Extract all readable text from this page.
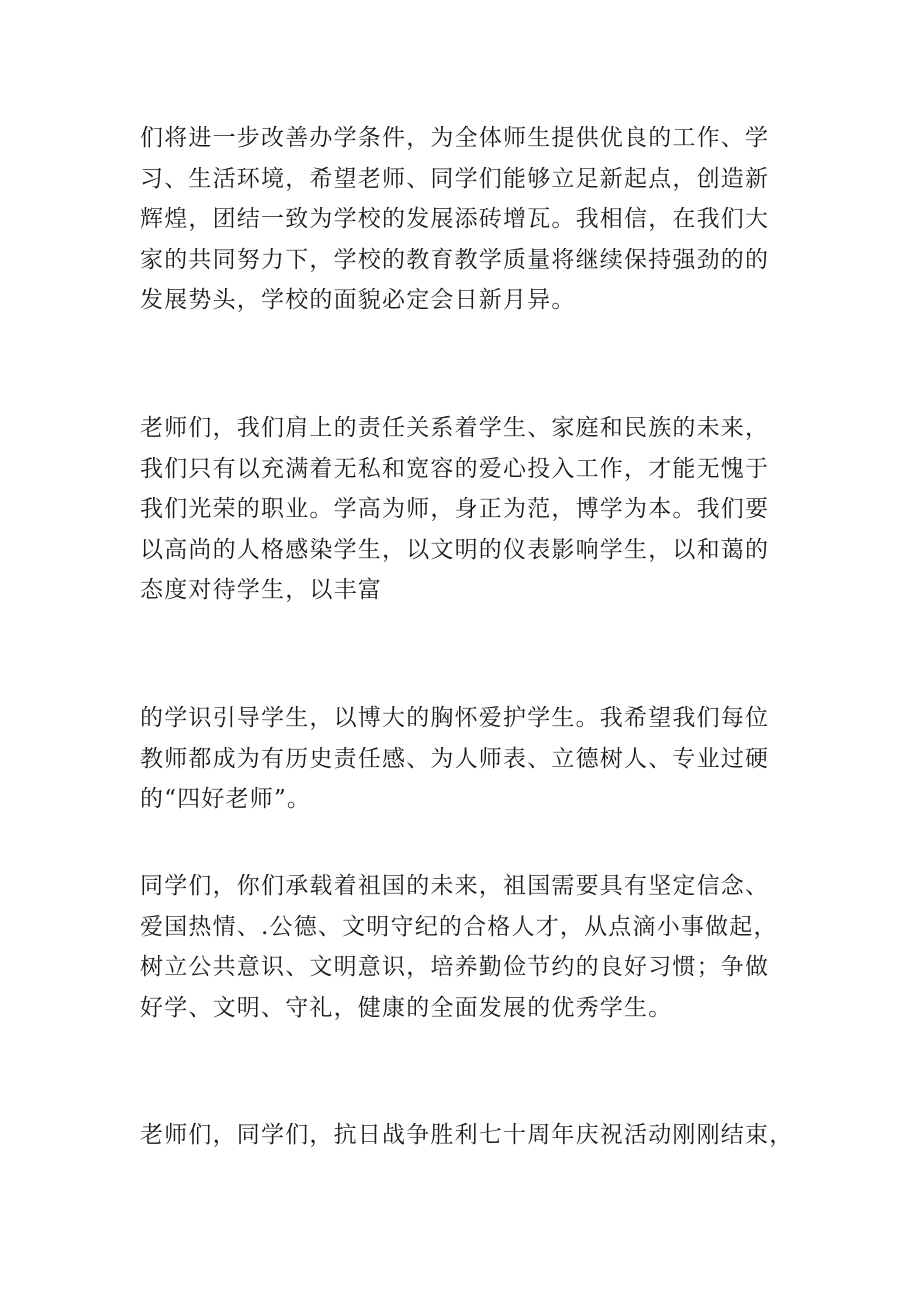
们将进一步改善办学条件，为全体师生提供优良的工作、学
习、生活环境，希望老师、同学们能够立足新起点，创造新
辉煌，团结一致为学校的发展添砖增瓦。我相信，在我们大
家的共同努力下，学校的教育教学质量将继续保持强劲的的
发展势头，学校的面貌必定会日新月异。
老师们，我们肩上的责任关系着学生、家庭和民族的未来，
我们只有以充满着无私和宽容的爱心投入工作，才能无愧于
我们光荣的职业。学高为师，身正为范，博学为本。我们要
以高尚的人格感染学生，以文明的仪表影响学生，以和蔼的
态度对待学生，以丰富
的学识引导学生，以博大的胸怀爱护学生。我希望我们每位
教师都成为有历史责任感、为人师表、立德树人、专业过硬
的“四好老师”。
同学们，你们承载着祖国的未来，祖国需要具有坚定信念、
爱国热情、.公德、文明守纪的合格人才，从点滴小事做起，
树立公共意识、文明意识，培养勤俭节约的良好习惯；争做
好学、文明、守礼，健康的全面发展的优秀学生。
老师们，同学们，抗日战争胜利七十周年庆祝活动刚刚结束，
